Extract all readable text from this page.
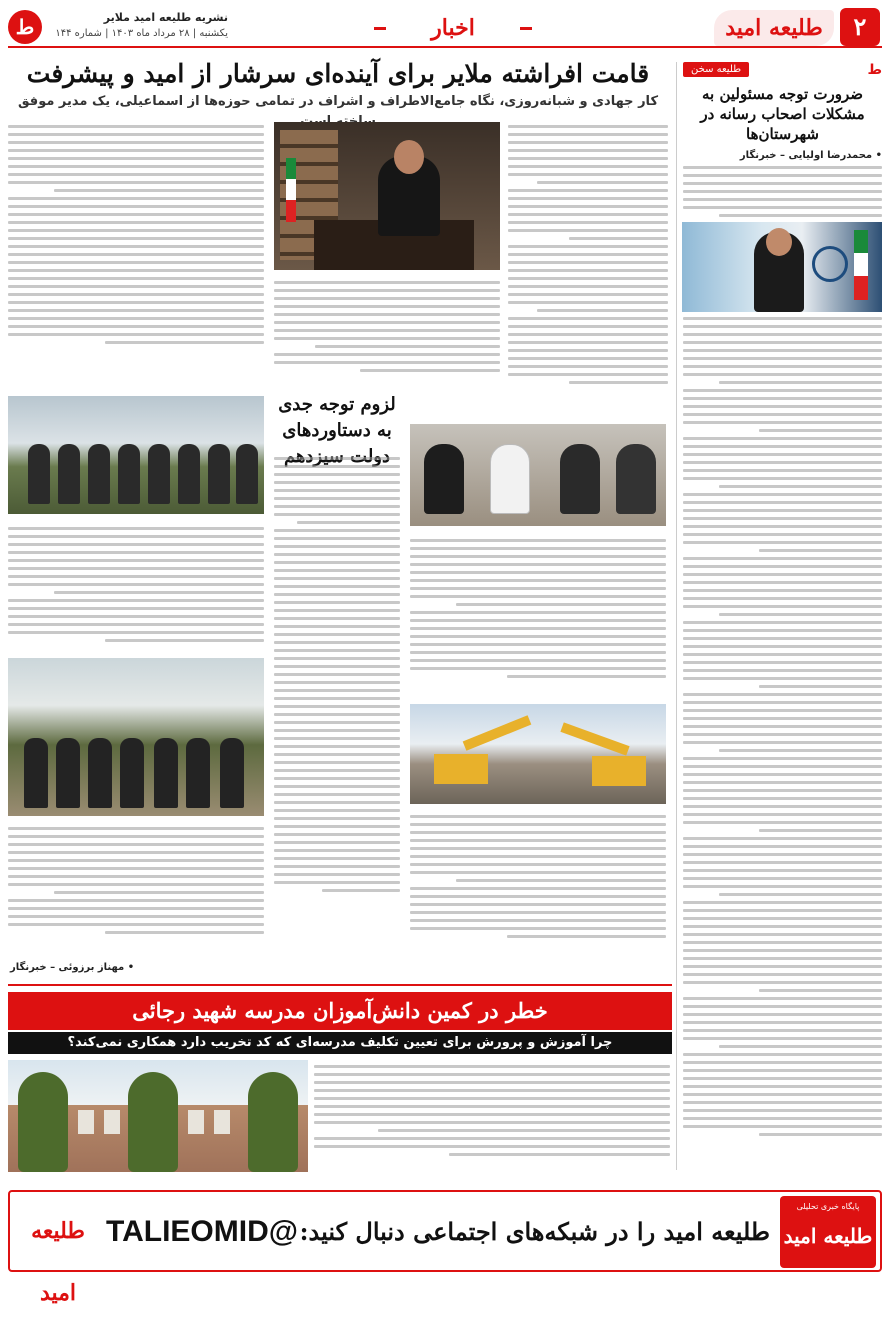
۲
طلیعه امید
اخبار
نشریه طلیعه امید ملایر
یکشنبه | ۲۸ مرداد ماه ۱۴۰۳ | شماره ۱۴۴
ط
قامت افراشته ملایر برای آینده‌ای سرشار از امید و پیشرفت
کار جهادی و شبانه‌روزی، نگاه جامع‌الاطراف و اشراف در تمامی حوزه‌ها از اسماعیلی، یک مدیر موفق
طلیعه سخن	ط
ضرورت توجه مسئولین به مشکلات اصحاب رسانه در شهرستان‌ها
• محمدرضا اولیایی – خبرنگار
لزوم توجه جدی به دستاوردهای
• مهناز برزوئی – خبرنگار
خطر در کمین دانش‌آموزان مدرسه شهید رجائی
چرا آموزش و پرورش برای تعیین تکلیف مدرسه‌ای که کد تخریب دارد همکاری نمی‌کند؟
پایگاه خبری تحلیلی
طلیعه امید
طلیعه امید را در شبکه‌های اجتماعی دنبال کنید:
@TALIEOMID
طلیعه امید
